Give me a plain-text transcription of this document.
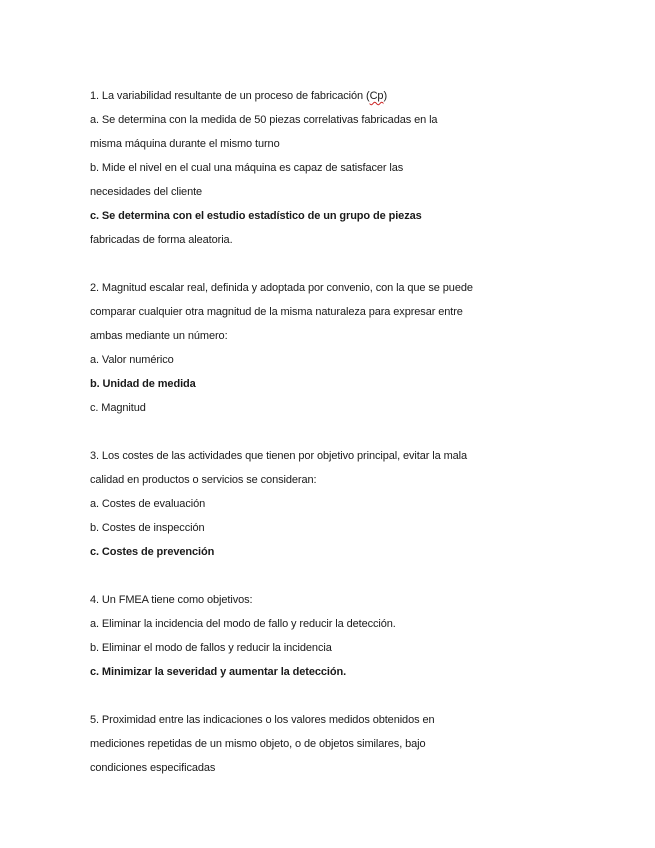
1. La variabilidad resultante de un proceso de fabricación (Cp)
a. Se determina con la medida de 50 piezas correlativas fabricadas en la
misma máquina durante el mismo turno
b. Mide el nivel en el cual una máquina es capaz de satisfacer las
necesidades del cliente
c. Se determina con el estudio estadístico de un grupo de piezas
fabricadas de forma aleatoria.
2. Magnitud escalar real, definida y adoptada por convenio, con la que se puede
comparar cualquier otra magnitud de la misma naturaleza para expresar entre
ambas mediante un número:
a. Valor numérico
b. Unidad de medida
c. Magnitud
3. Los costes de las actividades que tienen por objetivo principal, evitar la mala
calidad en productos o servicios se consideran:
a. Costes de evaluación
b. Costes de inspección
c. Costes de prevención
4. Un FMEA tiene como objetivos:
a. Eliminar la incidencia del modo de fallo y reducir la detección.
b. Eliminar el modo de fallos y reducir la incidencia
c. Minimizar la severidad y aumentar la detección.
5. Proximidad entre las indicaciones o los valores medidos obtenidos en
mediciones repetidas de un mismo objeto, o de objetos similares, bajo
condiciones especificadas
